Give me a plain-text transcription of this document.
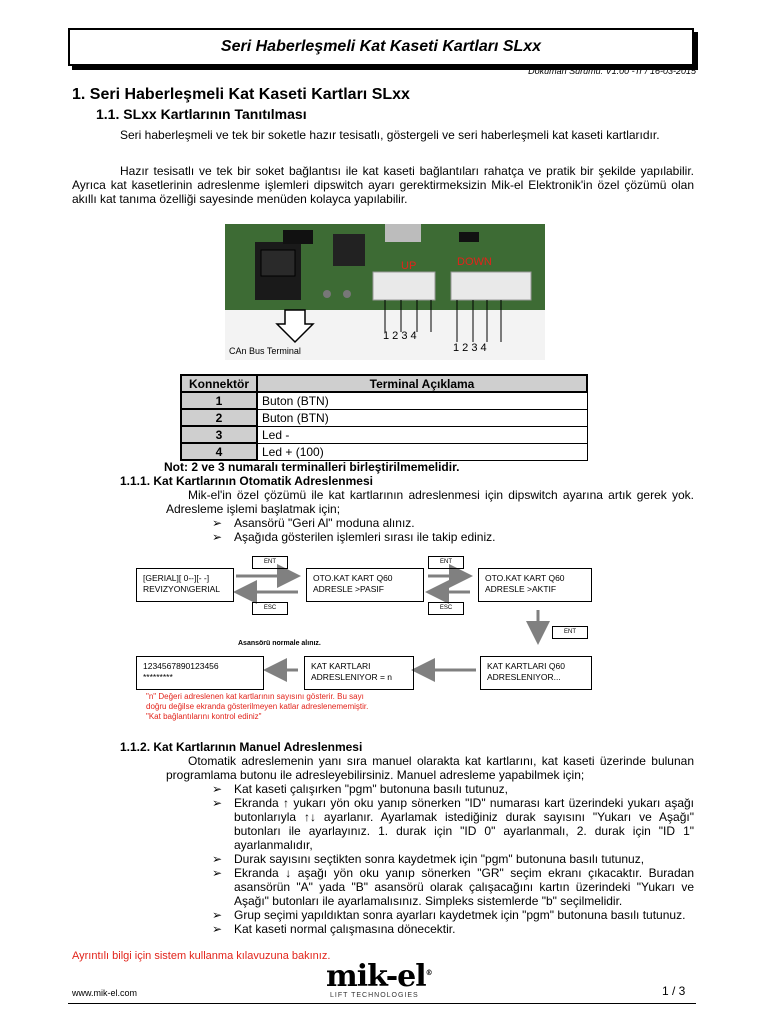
Seri Haberleşmeli Kat Kaseti Kartları SLxx
Döküman Sürümü: V1.00 -Tr / 16-03-2015
1. Seri Haberleşmeli Kat Kaseti Kartları SLxx
1.1. SLxx Kartlarının Tanıtılması

Seri haberleşmeli ve tek bir soketle hazır tesisatlı, göstergeli ve seri haberleşmeli kat kaseti kartlarıdır.

Hazır tesisatlı ve tek bir soket bağlantısı ile kat kaseti bağlantıları rahatça ve pratik bir şekilde yapılabilir. Ayrıca kat kasetlerinin adreslenme işlemleri dipswitch ayarı gerektirmeksizin Mik-el Elektronik'in özel çözümü olan akıllı kat tanıma özelliği sayesinde menüden kolayca yapılabilir.

UP	DOWN
1 2 3 4
1 2 3 4
CAn Bus Terminal
Konnektör	Terminal Açıklama
1	Buton (BTN)
2	Buton (BTN)
3	Led -
4	Led + (100)
Not: 2 ve 3 numaralı terminalleri birleştirilmemelidir.
1.1.1. Kat Kartlarının Otomatik Adreslenmesi
Mik-el'in özel çözümü ile kat kartlarının adreslenmesi için dipswitch ayarına artık gerek yok. Adresleme işlemi başlatmak için;
➢ Asansörü "Geri Al" moduna alınız.
➢ Aşağıda gösterilen işlemleri sırası ile takip ediniz.
[GERIAL][ 0--][- -]
REVIZYON\GERIAL
OTO.KAT KART Q60
ADRESLE >PASIF
OTO.KAT KART Q60
ADRESLE >AKTIF
KAT KARTLARI Q60
ADRESLENIYOR...
KAT KARTLARI
ADRESLENIYOR = n
1234567890123456
*********
ENT
ESC
ENT
ESC
ENT
Asansörü normale alınız.
"n" Değeri adreslenen kat kartlarının sayısını gösterir. Bu sayı
doğru değilse ekranda gösterilmeyen katlar adreslenememiştir.
"Kat bağlantılarını kontrol ediniz"
1.1.2. Kat Kartlarının Manuel Adreslenmesi
Otomatik adreslemenin yanı sıra manuel olarakta kat kartlarını, kat kaseti üzerinde bulunan programlama butonu ile adresleyebilirsiniz. Manuel adresleme yapabilmek için;
➢ Kat kaseti çalışırken "pgm" butonuna basılı tutunuz,
➢ Ekranda ↑ yukarı yön oku yanıp sönerken "ID" numarası kart üzerindeki yukarı aşağı butonlarıyla ↑↓ ayarlanır. Ayarlamak istediğiniz durak sayısını "Yukarı ve Aşağı" butonları ile ayarlayınız. 1. durak için "ID 0" ayarlanmalı, 2. durak için "ID 1" ayarlanmalıdır,
➢ Durak sayısını seçtikten sonra kaydetmek için "pgm" butonuna basılı tutunuz,
➢ Ekranda ↓ aşağı yön oku yanıp sönerken "GR" seçim ekranı çıkacaktır. Buradan asansörün "A" yada "B" asansörü olarak çalışacağını kartın üzerindeki "Yukarı ve Aşağı" butonları ile ayarlamalısınız. Simpleks sistemlerde "b" seçilmelidir.
➢ Grup seçimi yapıldıktan sonra ayarları kaydetmek için "pgm" butonuna basılı tutunuz.
➢ Kat kaseti normal çalışmasına dönecektir.
Ayrıntılı bilgi için sistem kullanma kılavuzuna bakınız.
mik-el®
LIFT TECHNOLOGIES
www.mik-el.com	1 / 3
